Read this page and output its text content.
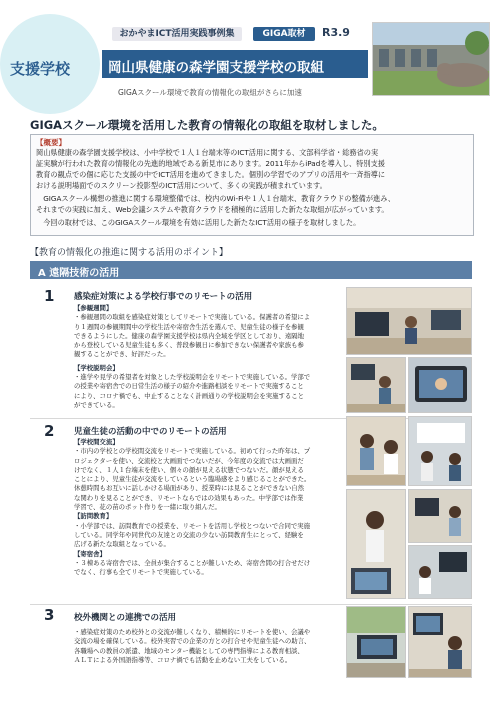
支援学校
おかやまICT活用実践事例集	GIGA取材	R3.9
岡山県健康の森学園支援学校の取組
GIGAスクール環境で教育の情報化の取組がさらに加速
GIGAスクール環境を活用した教育の情報化の取組を取材しました。
【概要】
岡山県健康の森学園支援学校は、小中学校で１人１台端末等のICT活用に関する、文部科学省・総務省の実
証実験が行われた教育の情報化の先進的地域である新見市にあります。2011年からiPadを導入し、特別支援
教育の観点での個に応じた支援の中でICT活用を進めてきました。個別の学習でのアプリの活用や一斉指導に
おける説明場面でのスクリーン投影型のICT活用について、多くの実践が積まれています。
　GIGAスクール構想の推進に関する環境整備では、校内のWi-Fiや１人１台端末、教育クラウドの整備が進み、
それまでの実践に加え、Web会議システムや教育クラウドを積極的に活用した新たな取組が広がっています。
　今回の取材では、このGIGAスクール環境を有効に活用した新たなICT活用の様子を取材しました。
【教育の情報化の推進に関する活用のポイント】
A 遠隔技術の活用
1 感染症対策による学校行事でのリモートの活用
【参観週間】
・参観週間の取組を感染症対策としてリモートで実施している。保護者の希望によ
り１週間の参観期間中の学校生活や寄宿舎生活を選んで、児童生徒の様子を参観
できるようにした。健康の森学園支援学校は県内全域を学区としており、遠隔地
から登校している児童生徒も多く、普段参観日に参加できない保護者や家族も参
観することができ、好評だった。
【学校説明会】
・進学や見学の希望者を対象とした学校説明会をリモートで実施している。学部で
の授業や寄宿舎での日常生活の様子の紹介や進路相談をリモートで実施すること
により、コロナ禍でも、中止することなく計画通りの学校説明会を実施すること
ができている。
2 児童生徒の活動の中でのリモートの活用
【学校間交流】
・市内の学校との学校間交流をリモートで実施している。初めて行った昨年は、プ
ロジェクターを使い、交流校と大画面でつないだが、今年度の交流では大画面だ
けでなく、１人１台端末を使い、個々の顔が見える状態でつないだ。顔が見える
ことにより、児童生徒が交流をしているという臨場感をより感じることができた。
休憩時間もお互いに話しかける場面があり、授業時には見ることができない自然
な関わりを見ることができ、リモートならではの効果もあった。中学部では作業
学習で、花の苗のポット作りを一緒に取り組んだ。
【訪問教育】
・小学部では、訪問教育での授業を、リモートを活用し学校とつないで合同で実施
している。同学年や同世代の友達との交流の少ない訪問教育生にとって、経験を
広げる新たな取組となっている。
【寄宿舎】
・３棟ある寄宿舎では、全員が集合することが難しいため、寄宿舎間の打合せだけ
でなく、行事も全てリモートで実施している。
3 校外機関との連携での活用
・感染症対策のため校外との交流が難しくなり、積極的にリモートを使い、会議や
交流の場を確保している。校外実習での企業の方との打合せや児童生徒への助言、
各職場への教員の派遣、地域のセンター機能としての専門指導による教育相談、
ＡＬＴによる外国語指導等、コロナ禍でも活動を止めない工夫をしている。
